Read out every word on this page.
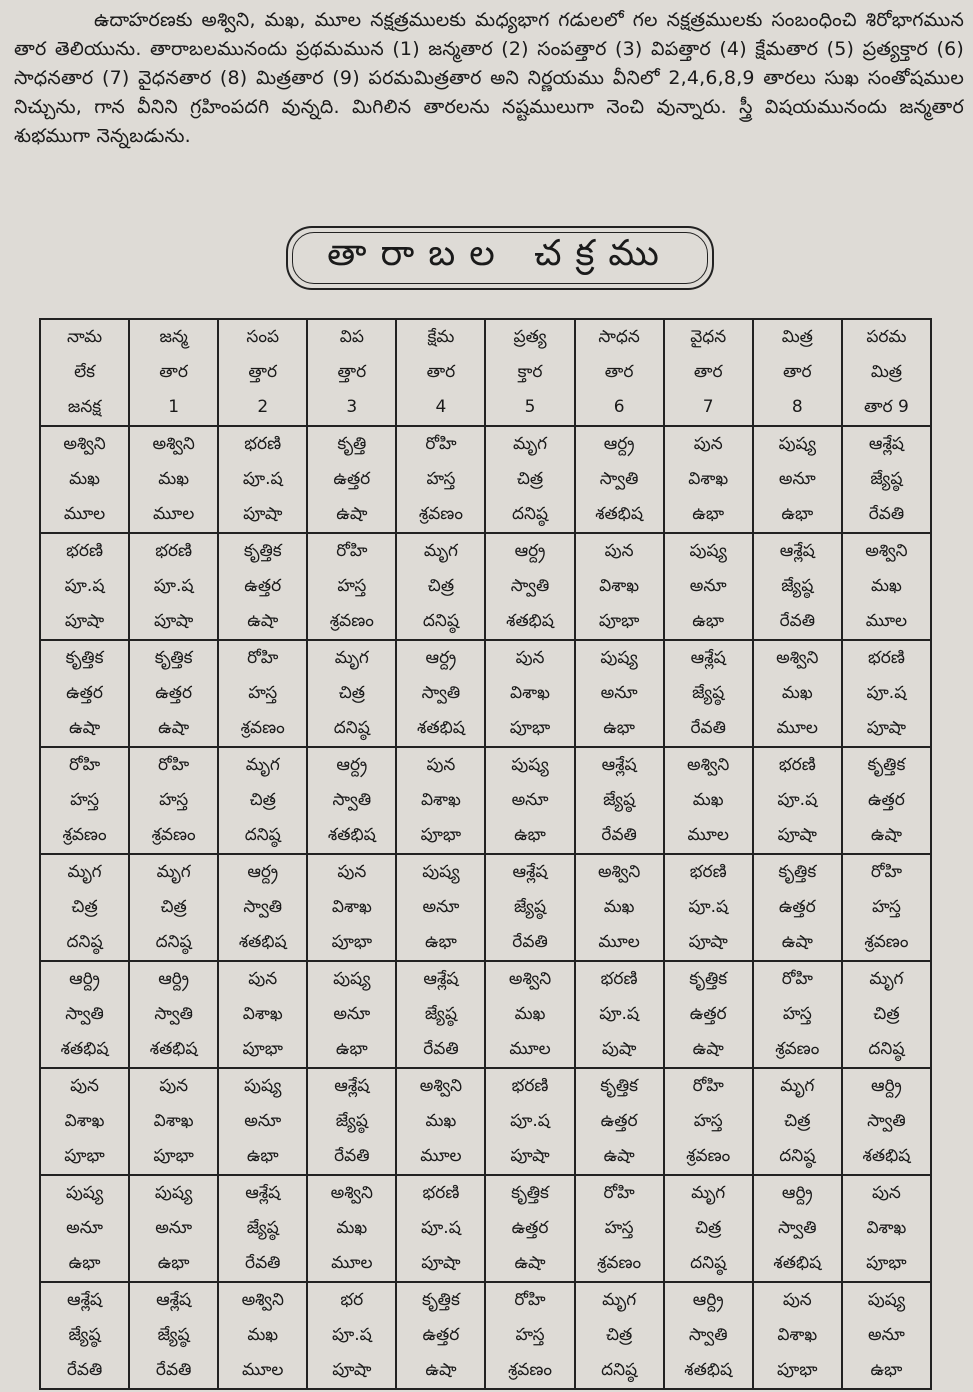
ఉదాహరణకు అశ్విని, మఖ, మూల నక్షత్రములకు మధ్యభాగ గడులలో గల నక్షత్రములకు సంబంధించి శిరోభాగమున తార తెలియును. తారాబలమునందు ప్రథమమున (1) జన్మతార (2) సంపత్తార (3) విపత్తార (4) క్షేమతార (5) ప్రత్యక్తార (6) సాధనతార (7) వైధనతార (8) మిత్రతార (9) పరమమిత్రతార అని నిర్ణయము వీనిలో 2,4,6,8,9 తారలు సుఖ సంతోషముల నిచ్చును, గాన వీనిని గ్రహింపదగి వున్నది. మిగిలిన తారలను నష్టములుగా నెంచి వున్నారు. స్త్రీ విషయమునందు జన్మతార శుభముగా నెన్నబడును.

తారాబల చక్రము
నామ
లేక
జనక్ష	జన్మ
తార
1	సంప
త్తార
2	విప
త్తార
3	క్షేమ
తార
4	ప్రత్య
క్తార
5	సాధన
తార
6	వైధన
తార
7	మిత్ర
తార
8	పరమ
మిత్ర
తార 9

అశ్విని
మఖ
మూల	అశ్విని
మఖ
మూల	భరణి
పూ.ష
పూషా	కృత్తి
ఉత్తర
ఉషా	రోహి
హస్త
శ్రవణం	మృగ
చిత్ర
దనిష్ఠ	ఆర్ద్ర
స్వాతి
శతభిష	పున
విశాఖ
ఉభా	పుష్య
అనూ
ఉభా	ఆశ్లేష
జ్యేష్ఠ
రేవతి

భరణి
పూ.ష
పూషా	భరణి
పూ.ష
పూషా	కృత్తిక
ఉత్తర
ఉషా	రోహి
హస్త
శ్రవణం	మృగ
చిత్ర
దనిష్ఠ	ఆర్ద్ర
స్వాతి
శతభిష	పున
విశాఖ
పూభా	పుష్య
అనూ
ఉభా	ఆశ్లేష
జ్యేష్ఠ
రేవతి	అశ్విని
మఖ
మూల

కృత్తిక
ఉత్తర
ఉషా	కృత్తిక
ఉత్తర
ఉషా	రోహి
హస్త
శ్రవణం	మృగ
చిత్ర
దనిష్ఠ	ఆర్ద్ర
స్వాతి
శతభిష	పున
విశాఖ
పూభా	పుష్య
అనూ
ఉభా	ఆశ్లేష
జ్యేష్ఠ
రేవతి	అశ్విని
మఖ
మూల	భరణి
పూ.ష
పూషా

రోహి
హస్త
శ్రవణం	రోహి
హస్త
శ్రవణం	మృగ
చిత్ర
దనిష్ఠ	ఆర్ద్ర
స్వాతి
శతభిష	పున
విశాఖ
పూభా	పుష్య
అనూ
ఉభా	ఆశ్లేష
జ్యేష్ఠ
రేవతి	అశ్విని
మఖ
మూల	భరణి
పూ.ష
పూషా	కృత్తిక
ఉత్తర
ఉషా

మృగ
చిత్ర
దనిష్ఠ	మృగ
చిత్ర
దనిష్ఠ	ఆర్ద్ర
స్వాతి
శతభిష	పున
విశాఖ
పూభా	పుష్య
అనూ
ఉభా	ఆశ్లేష
జ్యేష్ఠ
రేవతి	అశ్విని
మఖ
మూల	భరణి
పూ.ష
పూషా	కృత్తిక
ఉత్తర
ఉషా	రోహి
హస్త
శ్రవణం

ఆర్ద్రి
స్వాతి
శతభిష	ఆర్ద్రి
స్వాతి
శతభిష	పున
విశాఖ
పూభా	పుష్య
అనూ
ఉభా	ఆశ్లేష
జ్యేష్ఠ
రేవతి	అశ్విని
మఖ
మూల	భరణి
పూ.ష
పుషా	కృత్తిక
ఉత్తర
ఉషా	రోహి
హస్త
శ్రవణం	మృగ
చిత్ర
దనిష్ఠ

పున
విశాఖ
పూభా	పున
విశాఖ
పూభా	పుష్య
అనూ
ఉభా	ఆశ్లేష
జ్యేష్ఠ
రేవతి	అశ్విని
మఖ
మూల	భరణి
పూ.ష
పూషా	కృత్తిక
ఉత్తర
ఉషా	రోహి
హస్త
శ్రవణం	మృగ
చిత్ర
దనిష్ఠ	ఆర్ద్రి
స్వాతి
శతభిష

పుష్య
అనూ
ఉభా	పుష్య
అనూ
ఉభా	ఆశ్లేష
జ్యేష్ఠ
రేవతి	అశ్విని
మఖ
మూల	భరణి
పూ.ష
పూషా	కృత్తిక
ఉత్తర
ఉషా	రోహి
హస్త
శ్రవణం	మృగ
చిత్ర
దనిష్ఠ	ఆర్ద్రి
స్వాతి
శతభిష	పున
విశాఖ
పూభా

ఆశ్లేష
జ్యేష్ఠ
రేవతి	ఆశ్లేష
జ్యేష్ఠ
రేవతి	అశ్విని
మఖ
మూల	భర
పూ.ష
పూషా	కృత్తిక
ఉత్తర
ఉషా	రోహి
హస్త
శ్రవణం	మృగ
చిత్ర
దనిష్ఠ	ఆర్ద్రి
స్వాతి
శతభిష	పున
విశాఖ
పూభా	పుష్య
అనూ
ఉభా
